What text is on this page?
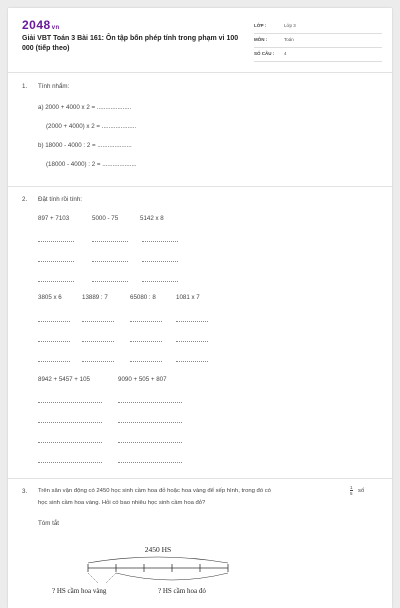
2048vn
Giải VBT Toán 3 Bài 161: Ôn tập bốn phép tính trong phạm vi 100 000 (tiếp theo)
LỚP :	Lớp 3
MÔN :	Toán
SỐ CÂU : 4
1. Tính nhẩm:
a) 2000 + 4000 x 2 = ....................
(2000 + 4000) x 2 = ....................
b) 18000 - 4000 : 2 = ....................
(18000 - 4000) : 2 = ....................
2. Đặt tính rồi tính:
897 + 7103	5000 - 75	5142 x 8
3805 x 6	13889 : 7	65080 : 8	1081 x 7
8942 + 5457 + 105	9090 + 505 + 807
3. Trên sân vận động có 2450 học sinh cầm hoa đỏ hoặc hoa vàng để xếp hình, trong đó có	$\frac{1}{5}$ số
học sinh cầm hoa vàng. Hỏi có bao nhiêu học sinh cầm hoa đỏ?
Tóm tắt
2450 HS
? HS cầm hoa vàng	? HS cầm hoa đỏ
